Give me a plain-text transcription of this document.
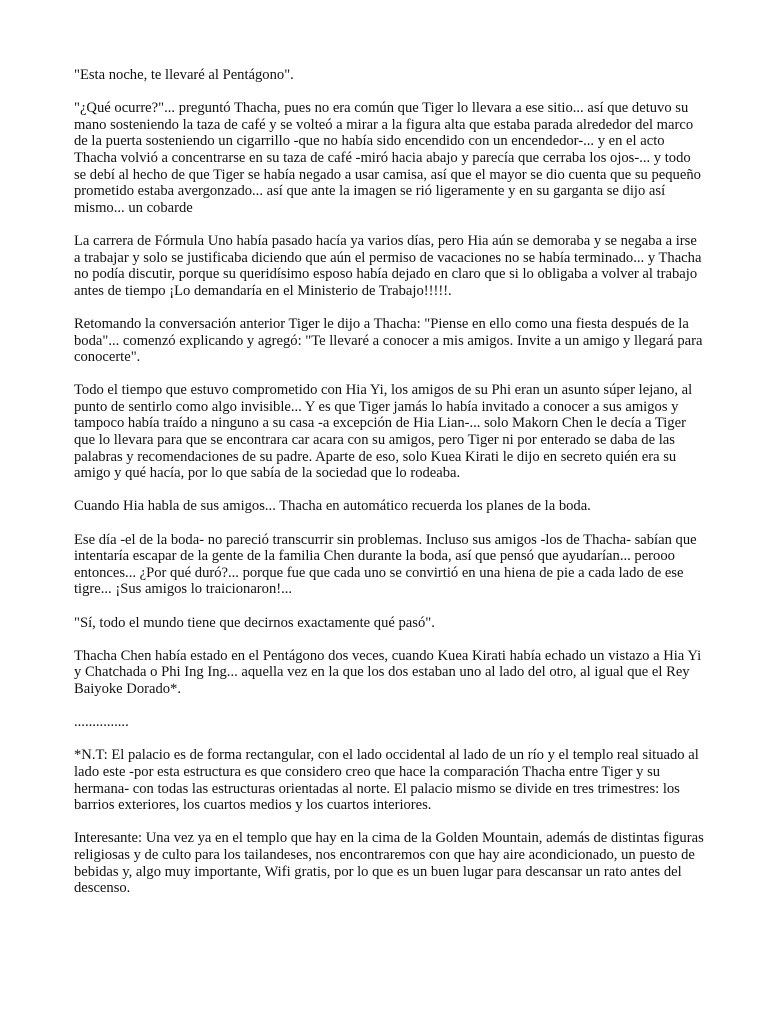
"Esta noche, te llevaré al Pentágono".

"¿Qué ocurre?"... preguntó Thacha, pues no era común que Tiger lo llevara a ese sitio... así que detuvo su mano sosteniendo la taza de café y se volteó a mirar a la figura alta que estaba parada alrededor del marco de la puerta sosteniendo un cigarrillo -que no había sido encendido con un encendedor-... y en el acto Thacha volvió a concentrarse en su taza de café -miró hacia abajo y parecía que cerraba los ojos-... y todo se debí al hecho de que Tiger se había negado a usar camisa, así que el mayor se dio cuenta que su pequeño prometido estaba avergonzado... así que ante la imagen se rió ligeramente y en su garganta se dijo así mismo... un cobarde

La carrera de Fórmula Uno había pasado hacía ya varios días, pero Hia aún se demoraba y se negaba a irse a trabajar y solo se justificaba diciendo que aún el permiso de vacaciones no se había terminado... y Thacha no podía discutir, porque su queridísimo esposo había dejado en claro que si lo obligaba a volver al trabajo antes de tiempo ¡Lo demandaría en el Ministerio de Trabajo!!!!!.

Retomando la conversación anterior Tiger le dijo a Thacha: "Piense en ello como una fiesta después de la boda"... comenzó explicando y agregó: "Te llevaré a conocer a mis amigos. Invite a un amigo y llegará para conocerte".

Todo el tiempo que estuvo comprometido con Hia Yi, los amigos de su Phi eran un asunto súper lejano, al punto de sentirlo como algo invisible... Y es que Tiger jamás lo había invitado a conocer a sus amigos y tampoco había traído a ninguno a su casa -a excepción de Hia Lian-... solo Makorn Chen le decía a Tiger que lo llevara para que se encontrara car acara con su amigos, pero Tiger ni por enterado se daba de las palabras y recomendaciones de su padre. Aparte de eso, solo Kuea Kirati le dijo en secreto quién era su amigo y qué hacía, por lo que sabía de la sociedad que lo rodeaba.

Cuando Hia habla de sus amigos... Thacha en automático recuerda los planes de la boda.

Ese día -el de la boda- no pareció transcurrir sin problemas. Incluso sus amigos -los de Thacha- sabían que intentaría escapar de la gente de la familia Chen durante la boda, así que pensó que ayudarían... perooo entonces... ¿Por qué duró?... porque fue que cada uno se convirtió en una hiena de pie a cada lado de ese tigre... ¡Sus amigos lo traicionaron!...

"Sí, todo el mundo tiene que decirnos exactamente qué pasó".

Thacha Chen había estado en el Pentágono dos veces, cuando Kuea Kirati había echado un vistazo a Hia Yi y Chatchada o Phi Ing Ing... aquella vez en la que los dos estaban uno al lado del otro, al igual que el Rey Baiyoke Dorado*.

...............

*N.T: El palacio es de forma rectangular, con el lado occidental al lado de un río y el templo real situado al lado este -por esta estructura es que considero creo que hace la comparación Thacha entre Tiger y su hermana- con todas las estructuras orientadas al norte. El palacio mismo se divide en tres trimestres: los barrios exteriores, los cuartos medios y los cuartos interiores.

Interesante: Una vez ya en el templo que hay en la cima de la Golden Mountain, además de distintas figuras religiosas y de culto para los tailandeses, nos encontraremos con que hay aire acondicionado, un puesto de bebidas y, algo muy importante, Wifi gratis, por lo que es un buen lugar para descansar un rato antes del descenso.
